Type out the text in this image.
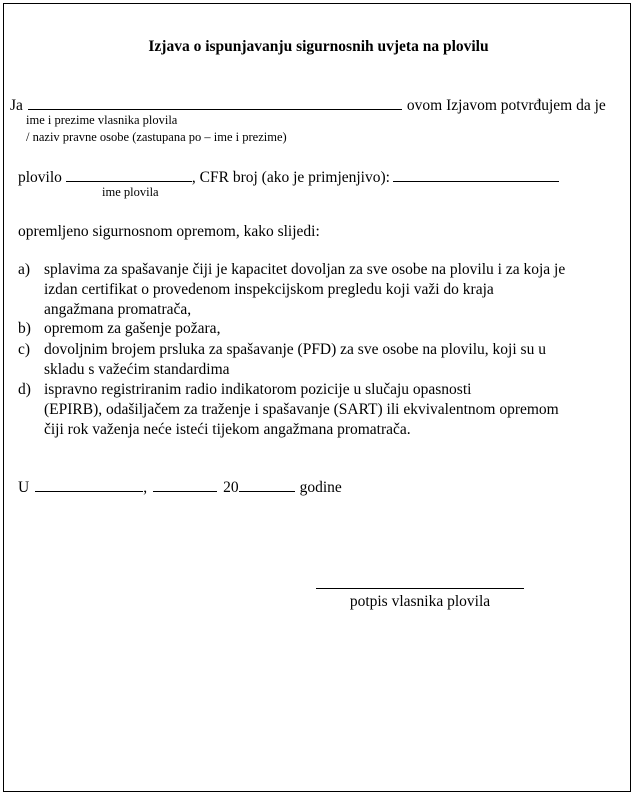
Izjava o ispunjavanju sigurnosnih uvjeta na plovilu
Ja	ovom Izjavom potvrđujem da je
ime i prezime vlasnika plovila
/ naziv pravne osobe (zastupana po – ime i prezime)
plovilo	, CFR broj (ako je primjenjivo):
ime plovila
opremljeno sigurnosnom opremom, kako slijedi:
a) splavima za spašavanje čiji je kapacitet dovoljan za sve osobe na plovilu i za koja je
izdan certifikat o provedenom inspekcijskom pregledu koji važi do kraja
angažmana promatrača,
b) opremom za gašenje požara,
c) dovoljnim brojem prsluka za spašavanje (PFD) za sve osobe na plovilu, koji su u
skladu s važećim standardima
d) ispravno registriranim radio indikatorom pozicije u slučaju opasnosti
(EPIRB), odašiljačem za traženje i spašavanje (SART) ili ekvivalentnom opremom
čiji rok važenja neće isteći tijekom angažmana promatrača.
U	,	20	godine
potpis vlasnika plovila
